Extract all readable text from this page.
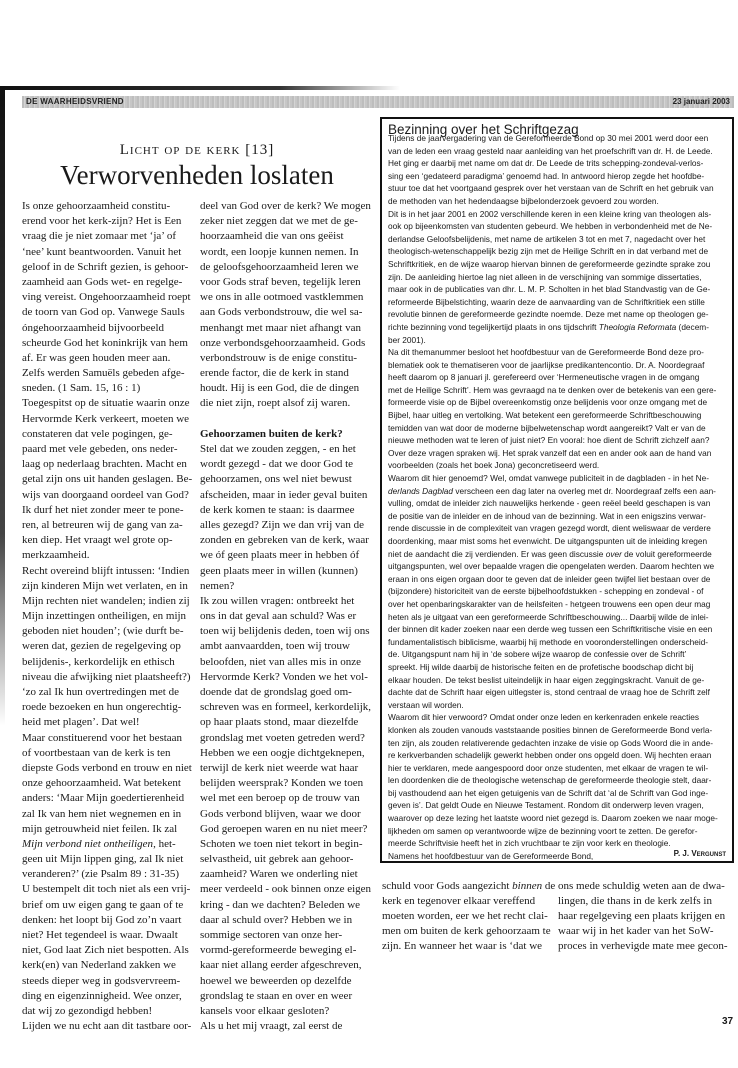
DE WAARHEIDSVRIEND	23 januari 2003
Licht op de kerk [13]
Verworvenheden loslaten
Is onze gehoorzaamheid constitu-
erend voor het kerk-zijn? Het is Een
vraag die je niet zomaar met ‘ja’ of
‘nee’ kunt beantwoorden. Vanuit het
geloof in de Schrift gezien, is gehoor-
zaamheid aan Gods wet- en regelge-
ving vereist. Ongehoorzaamheid roept
de toorn van God op. Vanwege Sauls
óngehoorzaamheid bijvoorbeeld
scheurde God het koninkrijk van hem
af. Er was geen houden meer aan.
Zelfs werden Samuëls gebeden afge-
sneden. (1 Sam. 15, 16 : 1)
Toegespitst op de situatie waarin onze
Hervormde Kerk verkeert, moeten we
constateren dat vele pogingen, ge-
paard met vele gebeden, ons neder-
laag op nederlaag brachten. Macht en
getal zijn ons uit handen geslagen. Be-
wijs van doorgaand oordeel van God?
Ik durf het niet zonder meer te pone-
ren, al betreuren wij de gang van za-
ken diep. Het vraagt wel grote op-
merkzaamheid.
Recht overeind blijft intussen: ‘Indien
zijn kinderen Mijn wet verlaten, en in
Mijn rechten niet wandelen; indien zij
Mijn inzettingen ontheiligen, en mijn
geboden niet houden’; (wie durft be-
weren dat, gezien de regelgeving op
belijdenis-, kerkordelijk en ethisch
niveau die afwijking niet plaatsheeft?)
‘zo zal Ik hun overtredingen met de
roede bezoeken en hun ongerechtig-
heid met plagen’. Dat wel!
Maar constituerend voor het bestaan
of voortbestaan van de kerk is ten
diepste Gods verbond en trouw en niet
onze gehoorzaamheid. Wat betekent
anders: ‘Maar Mijn goedertierenheid
zal Ik van hem niet wegnemen en in
mijn getrouwheid niet feilen. Ik zal
Mijn verbond niet ontheiligen, het-
geen uit Mijn lippen ging, zal Ik niet
veranderen?’ (zie Psalm 89 : 31-35)
U bestempelt dit toch niet als een vrij-
brief om uw eigen gang te gaan of te
denken: het loopt bij God zo’n vaart
niet? Het tegendeel is waar. Dwaalt
niet, God laat Zich niet bespotten. Als
kerk(en) van Nederland zakken we
steeds dieper weg in godsvervreem-
ding en eigenzinnigheid. Wee onzer,
dat wij zo gezondigd hebben!
Lijden we nu echt aan dit tastbare oor-
deel van God over de kerk? We mogen
zeker niet zeggen dat we met de ge-
hoorzaamheid die van ons geëist
wordt, een loopje kunnen nemen. In
de geloofsgehoorzaamheid leren we
voor Gods straf beven, tegelijk leren
we ons in alle ootmoed vastklemmen
aan Gods verbondstrouw, die wel sa-
menhangt met maar niet afhangt van
onze verbondsgehoorzaamheid. Gods
verbondstrouw is de enige constitu-
erende factor, die de kerk in stand
houdt. Hij is een God, die de dingen
die niet zijn, roept alsof zij waren.
Gehoorzamen buiten de kerk?
Stel dat we zouden zeggen, - en het
wordt gezegd - dat we door God te
gehoorzamen, ons wel niet bewust
afscheiden, maar in ieder geval buiten
de kerk komen te staan: is daarmee
alles gezegd? Zijn we dan vrij van de
zonden en gebreken van de kerk, waar
we óf geen plaats meer in hebben óf
geen plaats meer in willen (kunnen)
nemen?
Ik zou willen vragen: ontbreekt het
ons in dat geval aan schuld? Was er
toen wij belijdenis deden, toen wij ons
ambt aanvaardden, toen wij trouw
beloofden, niet van alles mis in onze
Hervormde Kerk? Vonden we het vol-
doende dat de grondslag goed om-
schreven was en formeel, kerkordelijk,
op haar plaats stond, maar diezelfde
grondslag met voeten getreden werd?
Hebben we een oogje dichtgeknepen,
terwijl de kerk niet weerde wat haar
belijden weersprak? Konden we toen
wel met een beroep op de trouw van
Gods verbond blijven, waar we door
God geroepen waren en nu niet meer?
Schoten we toen niet tekort in begin-
selvastheid, uit gebrek aan gehoor-
zaamheid? Waren we onderling niet
meer verdeeld - ook binnen onze eigen
kring - dan we dachten? Beleden we
daar al schuld over? Hebben we in
sommige sectoren van onze her-
vormd-gereformeerde beweging el-
kaar niet allang eerder afgeschreven,
hoewel we beweerden op dezelfde
grondslag te staan en over en weer
kansels voor elkaar gesloten?
Als u het mij vraagt, zal eerst de
Bezinning over het Schriftgezag
Tijdens de jaarvergadering van de Gereformeerde Bond op 30 mei 2001 werd door een
van de leden een vraag gesteld naar aanleiding van het proefschrift van dr. H. de Leede.
Het ging er daarbij met name om dat dr. De Leede de trits schepping-zondeval-verlos-
sing een ‘gedateerd paradigma’ genoemd had. In antwoord hierop zegde het hoofdbe-
stuur toe dat het voortgaand gesprek over het verstaan van de Schrift en het gebruik van
de methoden van het hedendaagse bijbelonderzoek gevoerd zou worden.
Dit is in het jaar 2001 en 2002 verschillende keren in een kleine kring van theologen als-
ook op bijeenkomsten van studenten gebeurd. We hebben in verbondenheid met de Ne-
derlandse Geloofsbelijdenis, met name de artikelen 3 tot en met 7, nagedacht over het
theologisch-wetenschappelijk bezig zijn met de Heilige Schrift en in dat verband met de
Schriftkritiek, en de wijze waarop hiervan binnen de gereformeerde gezindte sprake zou
zijn. De aanleiding hiertoe lag niet alleen in de verschijning van sommige dissertaties,
maar ook in de publicaties van dhr. L. M. P. Scholten in het blad Standvastig van de Ge-
reformeerde Bijbelstichting, waarin deze de aanvaarding van de Schriftkritiek een stille
revolutie binnen de gereformeerde gezindte noemde. Deze met name op theologen ge-
richte bezinning vond tegelijkertijd plaats in ons tijdschrift Theologia Reformata (decem-
ber 2001).
Na dit themanummer besloot het hoofdbestuur van de Gereformeerde Bond deze pro-
blematiek ook te thematiseren voor de jaarlijkse predikantencontio. Dr. A. Noordegraaf
heeft daarom op 8 januari jl. gerefereerd over ‘Hermeneutische vragen in de omgang
met de Heilige Schrift’. Hem was gevraagd na te denken over de betekenis van een gere-
formeerde visie op de Bijbel overeenkomstig onze belijdenis voor onze omgang met de
Bijbel, haar uitleg en vertolking. Wat betekent een gereformeerde Schriftbeschouwing
temidden van wat door de moderne bijbelwetenschap wordt aangereikt? Valt er van de
nieuwe methoden wat te leren of juist niet? En vooral: hoe dient de Schrift zichzelf aan?
Over deze vragen spraken wij. Het sprak vanzelf dat een en ander ook aan de hand van
voorbeelden (zoals het boek Jona) geconcretiseerd werd.
Waarom dit hier genoemd? Wel, omdat vanwege publiciteit in de dagbladen - in het Ne-
derlands Dagblad verscheen een dag later na overleg met dr. Noordegraaf zelfs een aan-
vulling, omdat de inleider zich nauwelijks herkende - geen reëel beeld geschapen is van
de positie van de inleider en de inhoud van de bezinning. Wat in een enigszins verwar-
rende discussie in de complexiteit van vragen gezegd wordt, dient weliswaar de verdere
doordenking, maar mist soms het evenwicht. De uitgangspunten uit de inleiding kregen
niet de aandacht die zij verdienden. Er was geen discussie over de voluit gereformeerde
uitgangspunten, wel over bepaalde vragen die opengelaten werden. Daarom hechten we
eraan in ons eigen orgaan door te geven dat de inleider geen twijfel liet bestaan over de
(bijzondere) historiciteit van de eerste bijbelhoofdstukken - schepping en zondeval - of
over het openbaringskarakter van de heilsfeiten - hetgeen trouwens een open deur mag
heten als je uitgaat van een gereformeerde Schriftbeschouwing... Daarbij wilde de inlei-
der binnen dit kader zoeken naar een derde weg tussen een Schriftkritische visie en een
fundamentalistisch biblicisme, waarbij hij methode en vooronderstellingen onderscheid-
de. Uitgangspunt nam hij in ‘de sobere wijze waarop de confessie over de Schrift’
spreekt. Hij wilde daarbij de historische feiten en de profetische boodschap dicht bij
elkaar houden. De tekst beslist uiteindelijk in haar eigen zeggingskracht. Vanuit de ge-
dachte dat de Schrift haar eigen uitlegster is, stond centraal de vraag hoe de Schrift zelf
verstaan wil worden.
Waarom dit hier verwoord? Omdat onder onze leden en kerkenraden enkele reacties
klonken als zouden vanouds vaststaande posities binnen de Gereformeerde Bond verla-
ten zijn, als zouden relativerende gedachten inzake de visie op Gods Woord die in ande-
re kerkverbanden schadelijk gewerkt hebben onder ons opgeld doen. Wij hechten eraan
hier te verklaren, mede aangespoord door onze studenten, met elkaar de vragen te wil-
len doordenken die de theologische wetenschap de gereformeerde theologie stelt, daar-
bij vasthoudend aan het eigen getuigenis van de Schrift dat ‘al de Schrift van God inge-
geven is’. Dat geldt Oude en Nieuwe Testament. Rondom dit onderwerp leven vragen,
waarover op deze lezing het laatste woord niet gezegd is. Daarom zoeken we naar moge-
lijkheden om samen op verantwoorde wijze de bezinning voort te zetten. De gerefor-
meerde Schriftvisie heeft het in zich vruchtbaar te zijn voor kerk en theologie.
Namens het hoofdbestuur van de Gereformeerde Bond,	P. J. Vergunst
schuld voor Gods aangezicht binnen de
kerk en tegenover elkaar vereffend
moeten worden, eer we het recht clai-
men om buiten de kerk gehoorzaam te
zijn. En wanneer het waar is ‘dat we
ons mede schuldig weten aan de dwa-
lingen, die thans in de kerk zelfs in
haar regelgeving een plaats krijgen en
waar wij in het kader van het SoW-
proces in verhevigde mate mee gecon-
37
